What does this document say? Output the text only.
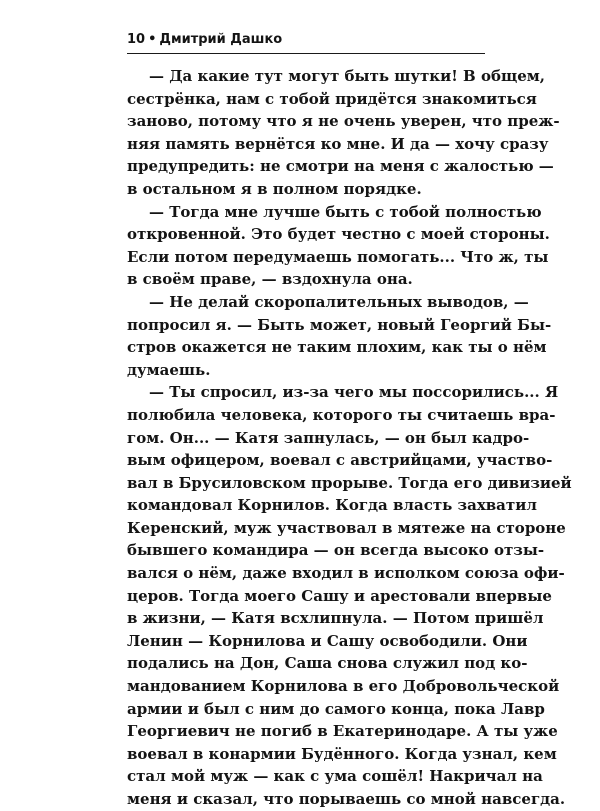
10 • Дмитрий Дашко
— Да какие тут могут быть шутки! В общем,
сестрёнка, нам с тобой придётся знакомиться
заново, потому что я не очень уверен, что преж-
няя память вернётся ко мне. И да — хочу сразу
предупредить: не смотри на меня с жалостью —
в остальном я в полном порядке.
— Тогда мне лучше быть с тобой полностью
откровенной. Это будет честно с моей стороны.
Если потом передумаешь помогать... Что ж, ты
в своём праве, — вздохнула она.
— Не делай скоропалительных выводов, —
попросил я. — Быть может, новый Георгий Бы-
стров окажется не таким плохим, как ты о нём
думаешь.
— Ты спросил, из-за чего мы поссорились... Я
полюбила человека, которого ты считаешь вра-
гом. Он... — Катя запнулась, — он был кадро-
вым офицером, воевал с австрийцами, участво-
вал в Брусиловском прорыве. Тогда его дивизией
командовал Корнилов. Когда власть захватил
Керенский, муж участвовал в мятеже на стороне
бывшего командира — он всегда высоко отзы-
вался о нём, даже входил в исполком союза офи-
церов. Тогда моего Сашу и арестовали впервые
в жизни, — Катя всхлипнула. — Потом пришёл
Ленин — Корнилова и Сашу освободили. Они
подались на Дон, Саша снова служил под ко-
мандованием Корнилова в его Добровольческой
армии и был с ним до самого конца, пока Лавр
Георгиевич не погиб в Екатеринодаре. А ты уже
воевал в конармии Будённого. Когда узнал, кем
стал мой муж — как с ума сошёл! Накричал на
меня и сказал, что порываешь со мной навсегда.
